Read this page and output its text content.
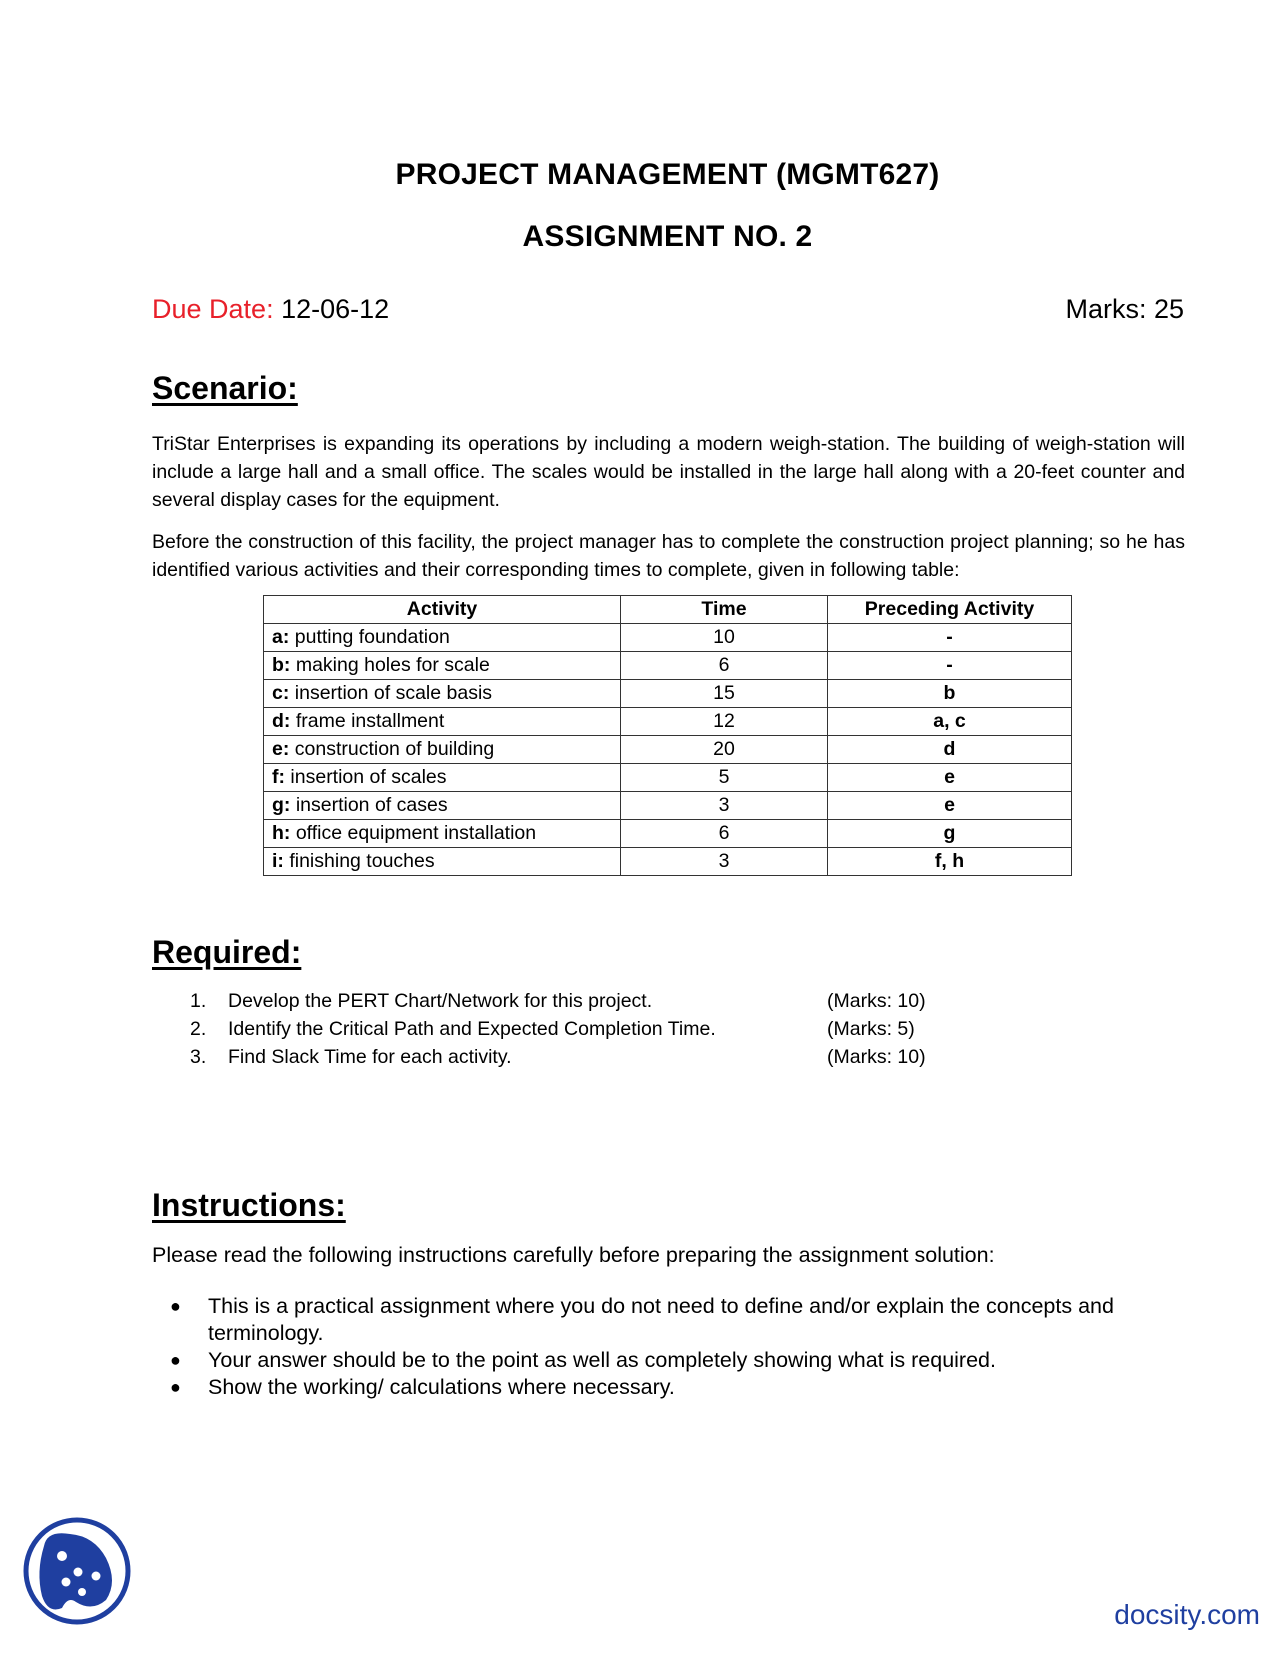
PROJECT MANAGEMENT (MGMT627)
ASSIGNMENT NO. 2
Due Date: 12-06-12	Marks: 25
Scenario:
TriStar Enterprises is expanding its operations by including a modern weigh-station. The building of weigh-station will include a large hall and a small office. The scales would be installed in the large hall along with a 20-feet counter and several display cases for the equipment.
Before the construction of this facility, the project manager has to complete the construction project planning; so he has identified various activities and their corresponding times to complete, given in following table:
Activity	Time	Preceding Activity
a: putting foundation	10	-
b: making holes for scale	6	-
c: insertion of scale basis	15	b
d: frame installment	12	a, c
e: construction of building	20	d
f: insertion of scales	5	e
g: insertion of cases	3	e
h: office equipment installation	6	g
i: finishing touches	3	f, h
Required:
1. Develop the PERT Chart/Network for this project.	(Marks: 10)
2. Identify the Critical Path and Expected Completion Time.	(Marks: 5)
3. Find Slack Time for each activity.	(Marks: 10)
Instructions:
Please read the following instructions carefully before preparing the assignment solution:
● This is a practical assignment where you do not need to define and/or explain the concepts and terminology.
● Your answer should be to the point as well as completely showing what is required.
● Show the working/ calculations where necessary.
docsity.com
